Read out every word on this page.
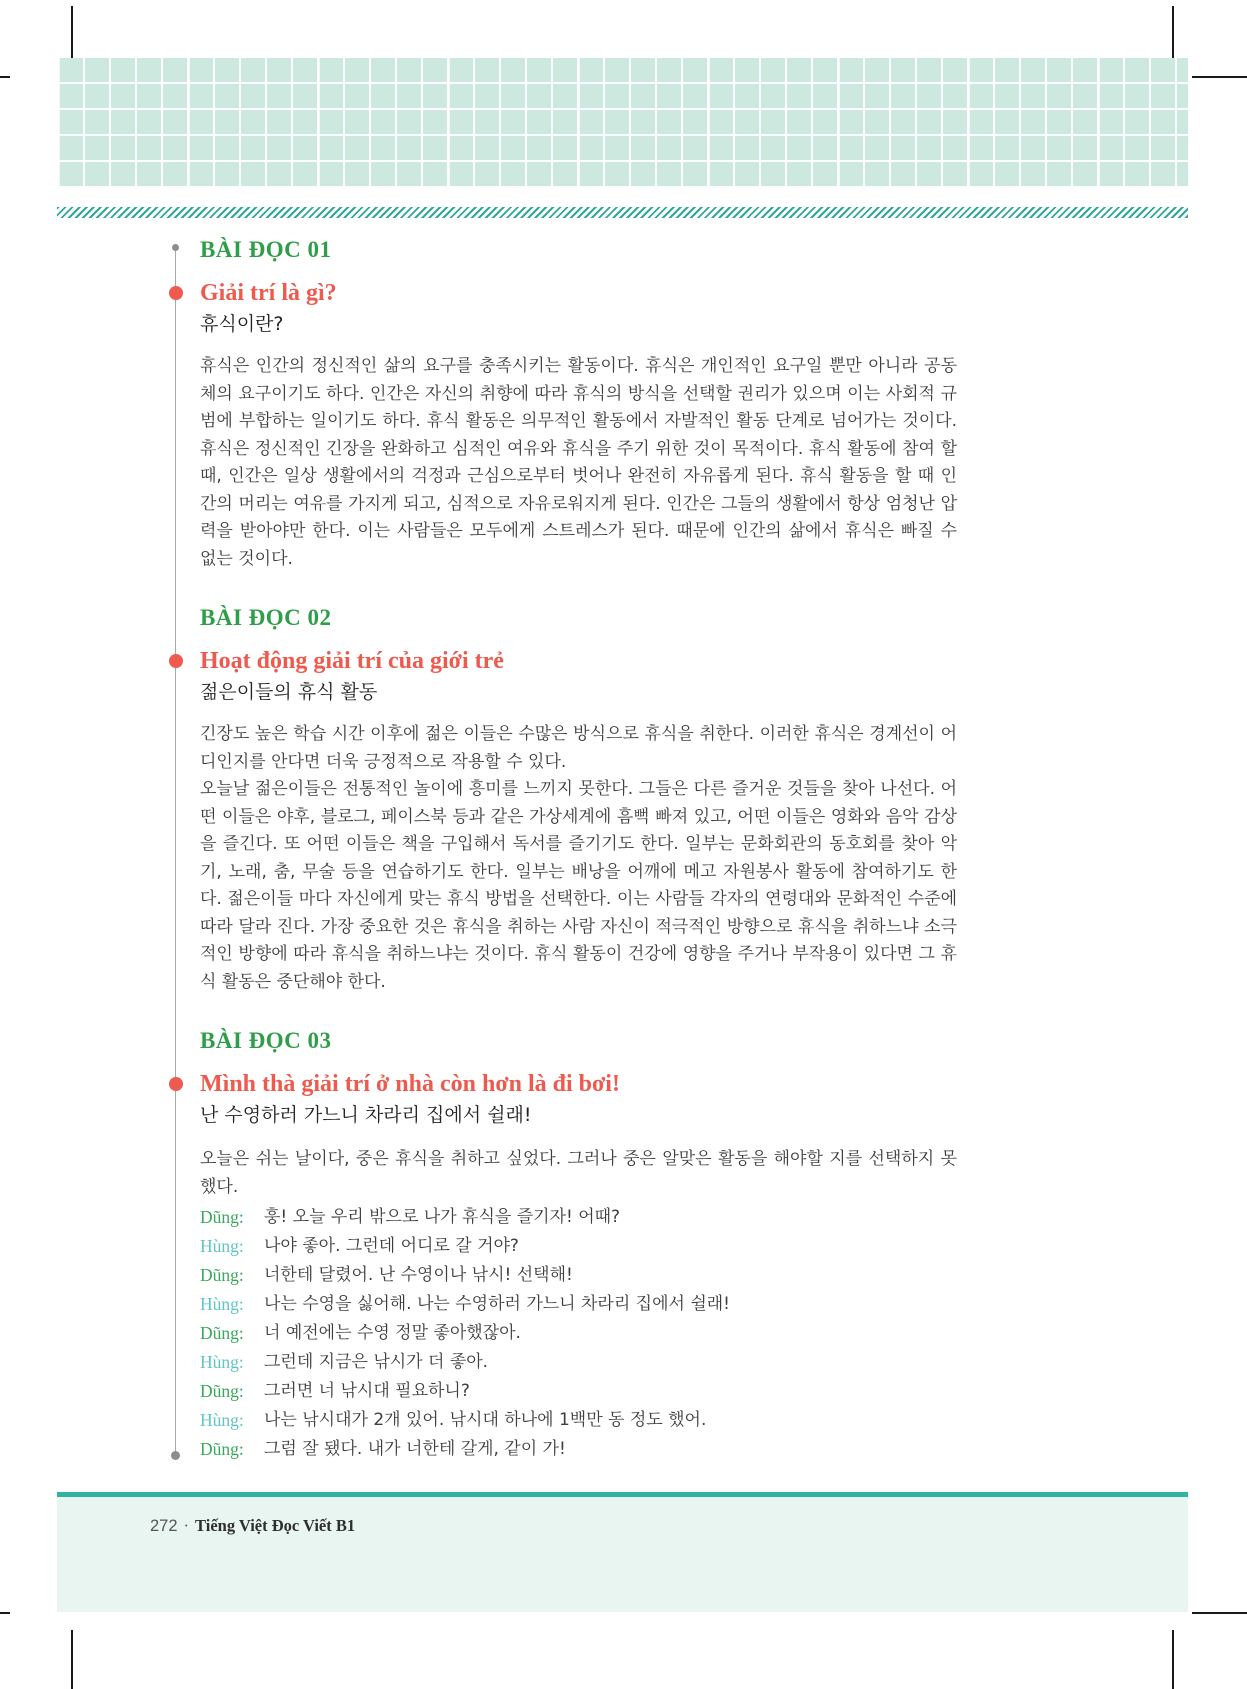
BÀI ĐỌC 01
Giải trí là gì?
휴식이란?

휴식은 인간의 정신적인 삶의 요구를 충족시키는 활동이다. 휴식은 개인적인 요구일 뿐만 아니라 공동체의 요구이기도 하다. 인간은 자신의 취향에 따라 휴식의 방식을 선택할 권리가 있으며 이는 사회적 규범에 부합하는 일이기도 하다. 휴식 활동은 의무적인 활동에서 자발적인 활동 단계로 넘어가는 것이다. 휴식은 정신적인 긴장을 완화하고 심적인 여유와 휴식을 주기 위한 것이 목적이다. 휴식 활동에 참여 할 때, 인간은 일상 생활에서의 걱정과 근심으로부터 벗어나 완전히 자유롭게 된다. 휴식 활동을 할 때 인간의 머리는 여유를 가지게 되고, 심적으로 자유로워지게 된다. 인간은 그들의 생활에서 항상 엄청난 압력을 받아야만 한다. 이는 사람들은 모두에게 스트레스가 된다. 때문에 인간의 삶에서 휴식은 빠질 수 없는 것이다.

BÀI ĐỌC 02
Hoạt động giải trí của giới trẻ
젊은이들의 휴식 활동

긴장도 높은 학습 시간 이후에 젊은 이들은 수많은 방식으로 휴식을 취한다. 이러한 휴식은 경계선이 어디인지를 안다면 더욱 긍정적으로 작용할 수 있다.

오늘날 젊은이들은 전통적인 놀이에 흥미를 느끼지 못한다. 그들은 다른 즐거운 것들을 찾아 나선다. 어떤 이들은 야후, 블로그, 페이스북 등과 같은 가상세계에 흠뻑 빠져 있고, 어떤 이들은 영화와 음악 감상을 즐긴다. 또 어떤 이들은 책을 구입해서 독서를 즐기기도 한다. 일부는 문화회관의 동호회를 찾아 악기, 노래, 춤, 무술 등을 연습하기도 한다. 일부는 배낭을 어깨에 메고 자원봉사 활동에 참여하기도 한다. 젊은이들 마다 자신에게 맞는 휴식 방법을 선택한다. 이는 사람들 각자의 연령대와 문화적인 수준에 따라 달라 진다. 가장 중요한 것은 휴식을 취하는 사람 자신이 적극적인 방향으로 휴식을 취하느냐 소극적인 방향에 따라 휴식을 취하느냐는 것이다. 휴식 활동이 건강에 영향을 주거나 부작용이 있다면 그 휴식 활동은 중단해야 한다.

BÀI ĐỌC 03
Mình thà giải trí ở nhà còn hơn là đi bơi!
난 수영하러 가느니 차라리 집에서 쉴래!

오늘은 쉬는 날이다, 중은 휴식을 취하고 싶었다. 그러나 중은 알맞은 활동을 해야할 지를 선택하지 못했다.

Dũng:	훙! 오늘 우리 밖으로 나가 휴식을 즐기자! 어때?
Hùng:	나야 좋아. 그런데 어디로 갈 거야?
Dũng:	너한테 달렸어. 난 수영이나 낚시! 선택해!
Hùng:	나는 수영을 싫어해. 나는 수영하러 가느니 차라리 집에서 쉴래!
Dũng:	너 예전에는 수영 정말 좋아했잖아.
Hùng:	그런데 지금은 낚시가 더 좋아.
Dũng:	그러면 너 낚시대 필요하니?
Hùng:	나는 낚시대가 2개 있어. 낚시대 하나에 1백만 동 정도 했어.
Dũng:	그럼 잘 됐다. 내가 너한테 갈게, 같이 가!
272 · Tiếng Việt Đọc Viết B1
